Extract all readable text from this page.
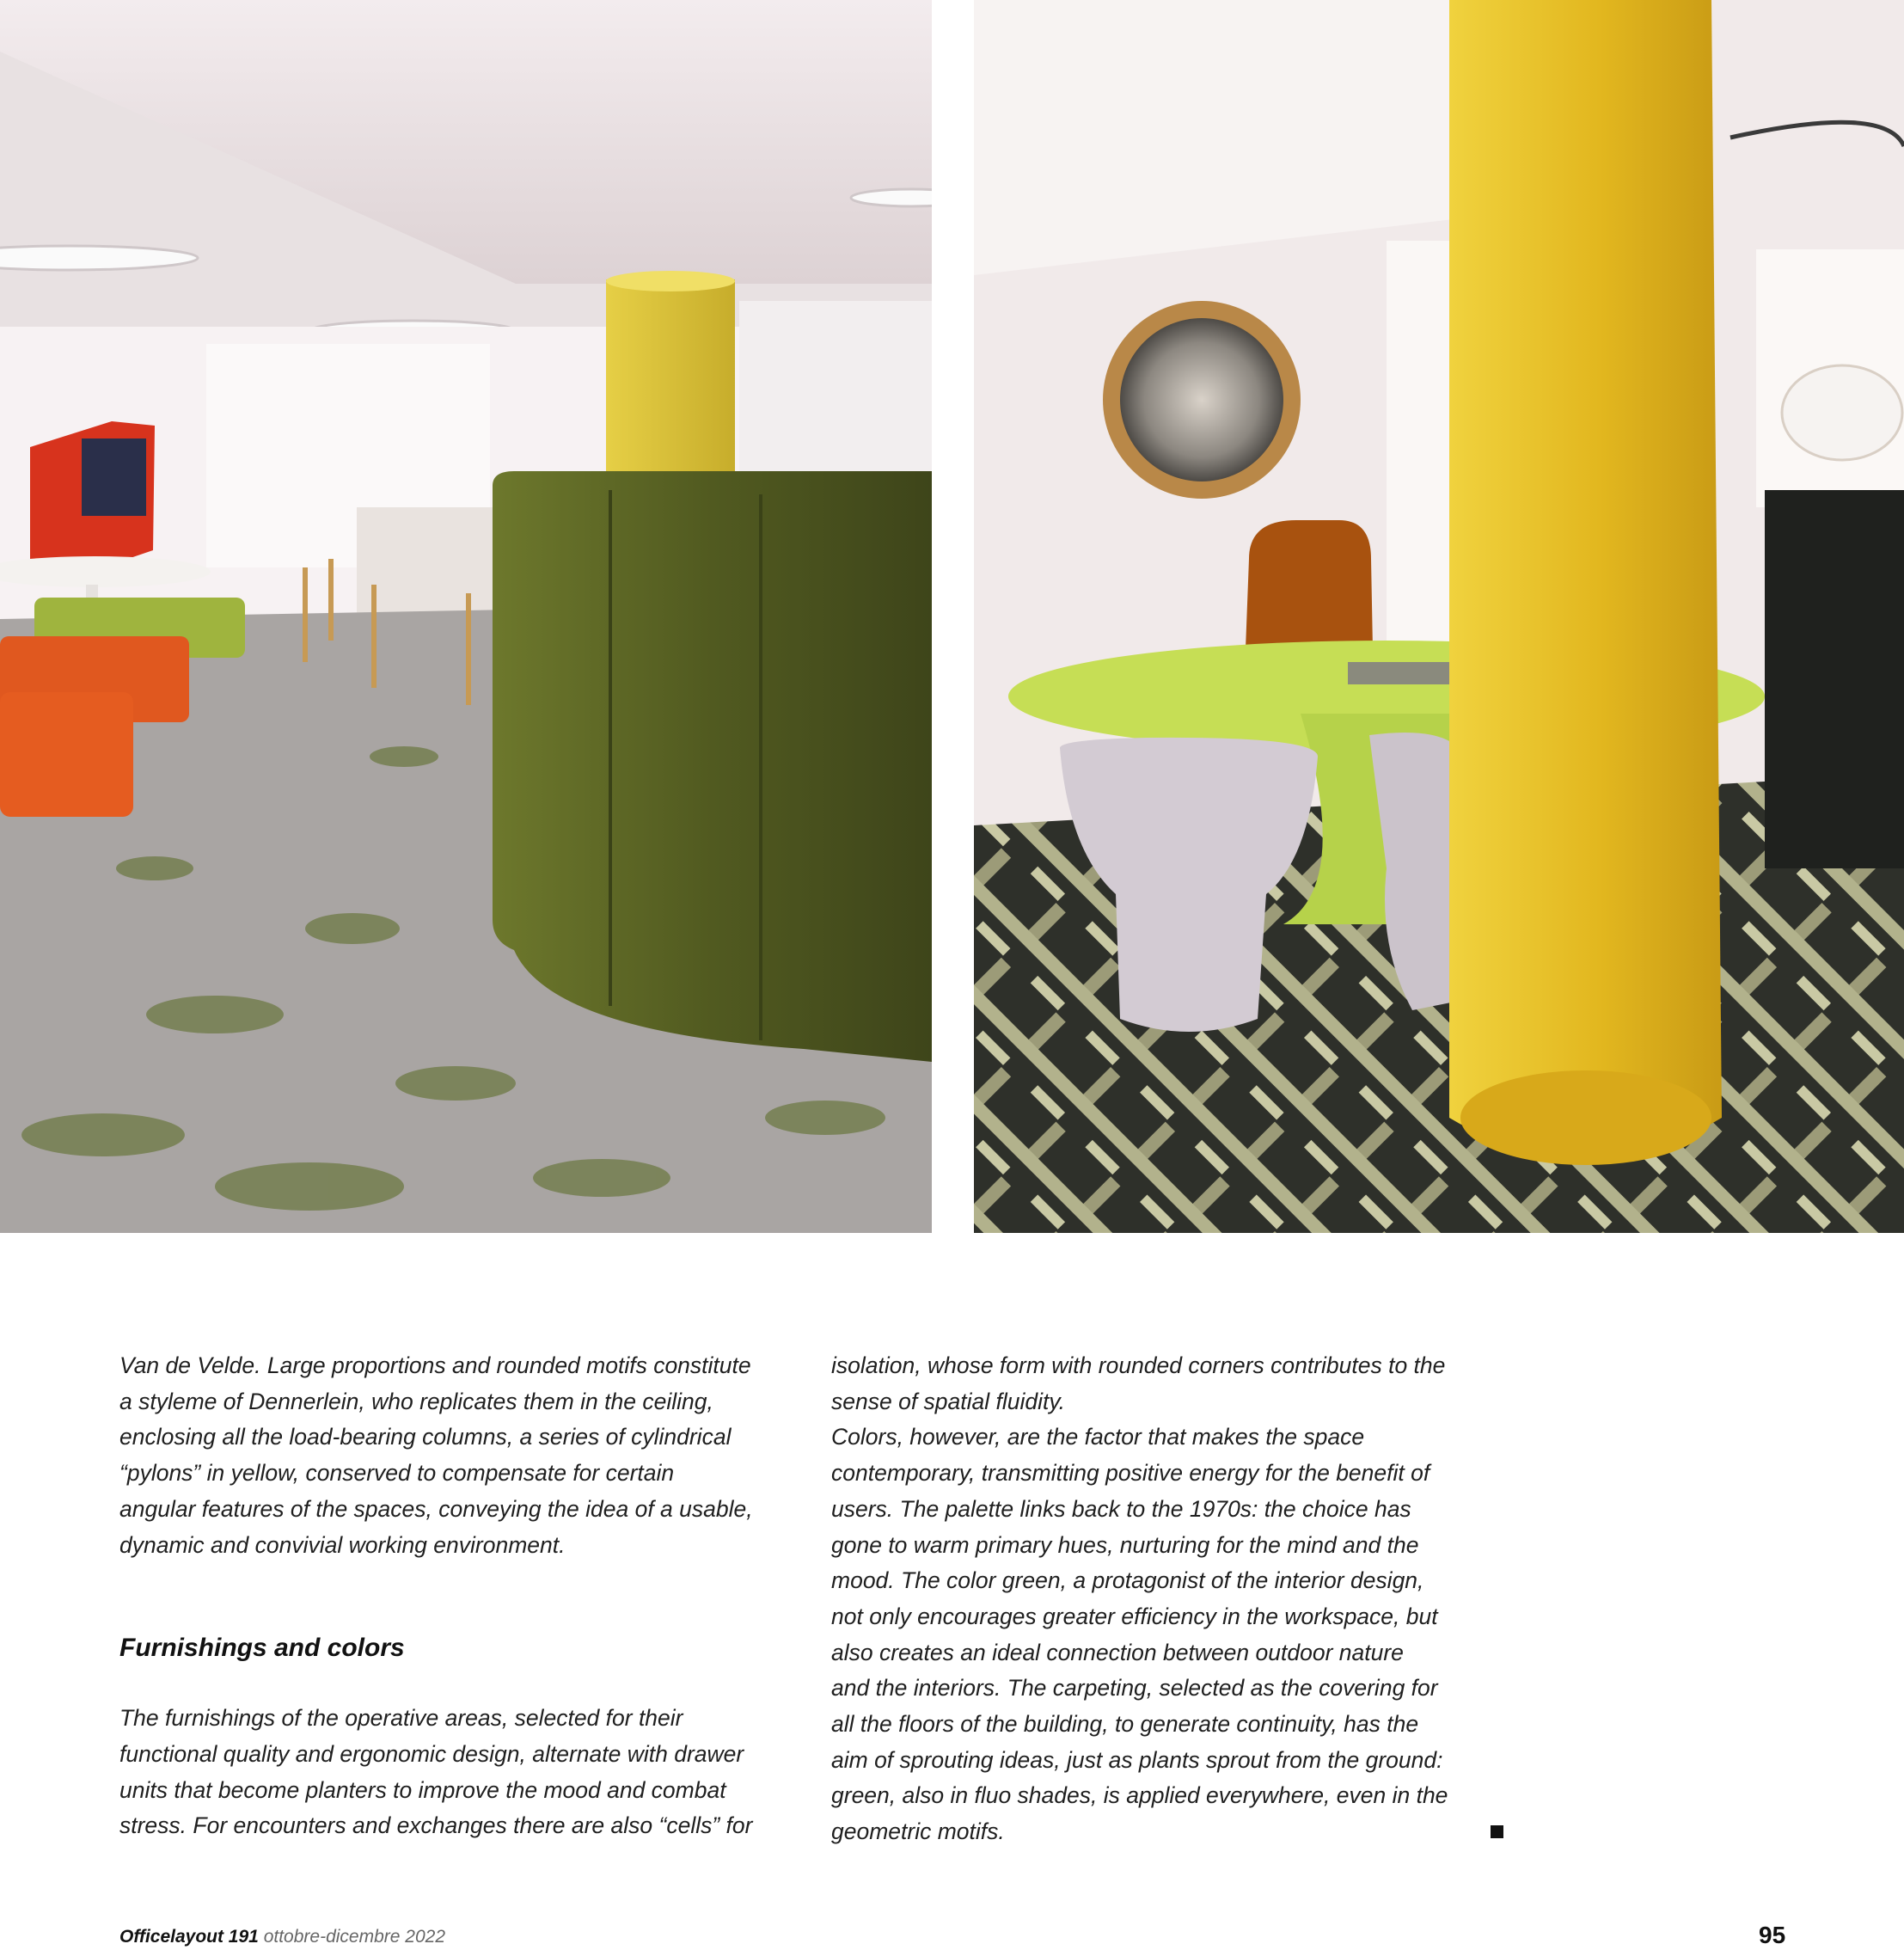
Van de Velde. Large proportions and rounded motifs constitute
a styleme of Dennerlein, who replicates them in the ceiling,
enclosing all the load-bearing columns, a series of cylindrical
“pylons” in yellow, conserved to compensate for certain
angular features of the spaces, conveying the idea of a usable,
dynamic and convivial working environment.

Furnishings and colors

The furnishings of the operative areas, selected for their
functional quality and ergonomic design, alternate with drawer
units that become planters to improve the mood and combat
stress. For encounters and exchanges there are also “cells” for

isolation, whose form with rounded corners contributes to the
sense of spatial fluidity.
Colors, however, are the factor that makes the space
contemporary, transmitting positive energy for the benefit of
users. The palette links back to the 1970s: the choice has
gone to warm primary hues, nurturing for the mind and the
mood. The color green, a protagonist of the interior design,
not only encourages greater efficiency in the workspace, but
also creates an ideal connection between outdoor nature
and the interiors. The carpeting, selected as the covering for
all the floors of the building, to generate continuity, has the
aim of sprouting ideas, just as plants sprout from the ground:
green, also in fluo shades, is applied everywhere, even in the
geometric motifs.

Officelayout 191 ottobre-dicembre 2022	95
